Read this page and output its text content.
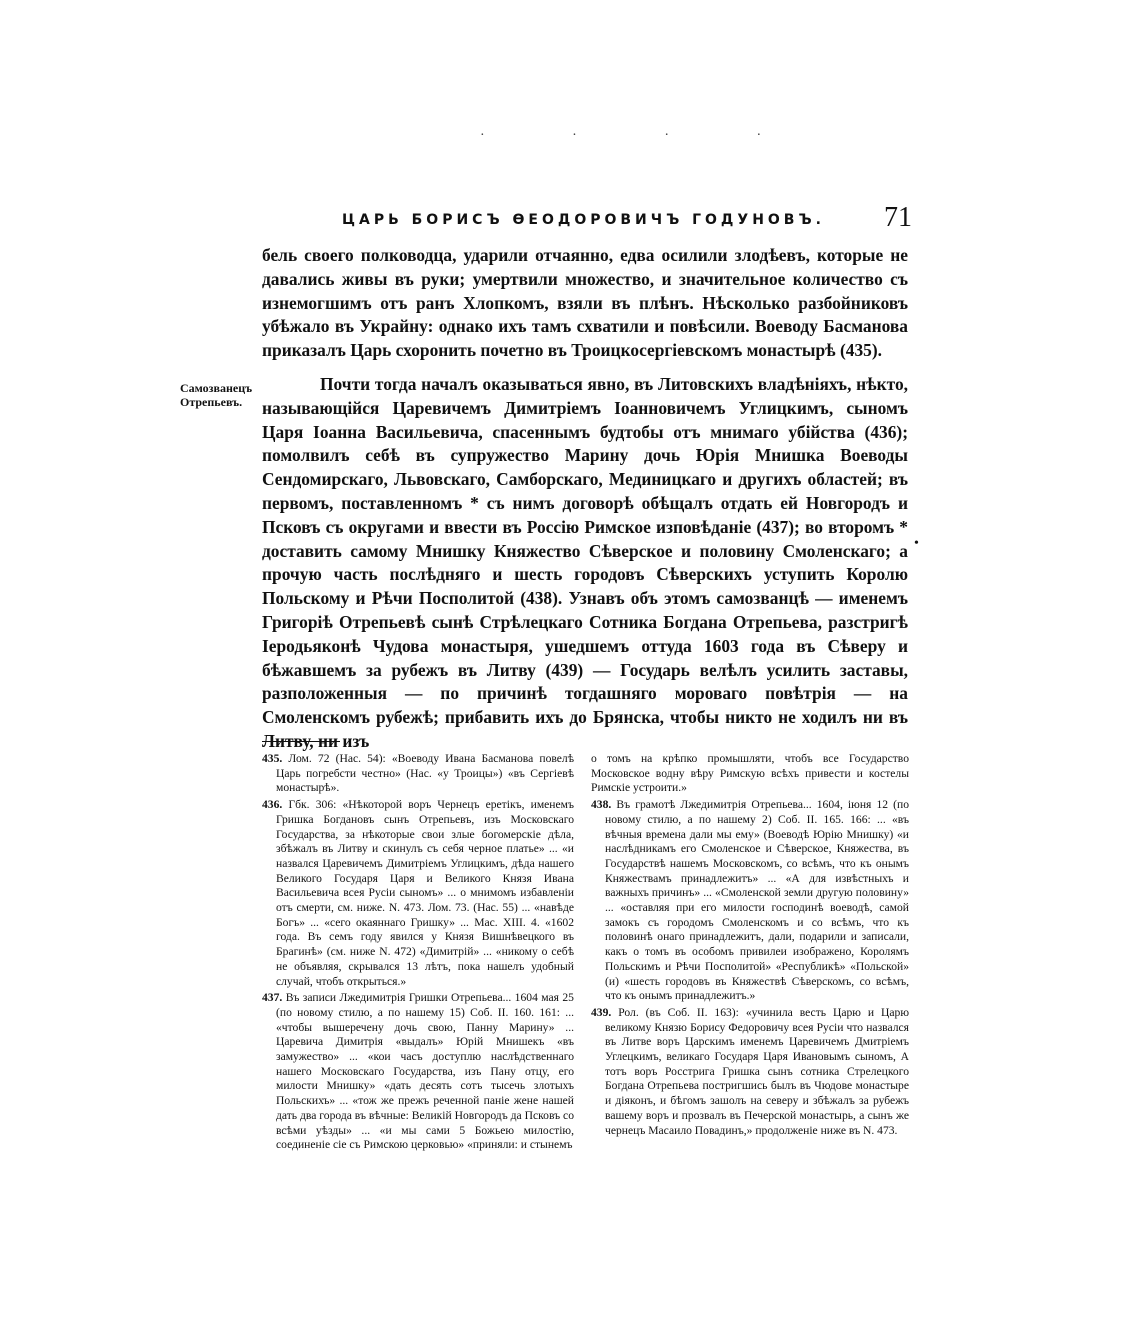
· · · ·
ЦАРЬ БОРИСЪ ѲЕОДОРОВИЧЪ ГОДУНОВЪ. 71
Самозванецъ
Отрепьевъ.

бель своего полководца, ударили отчаянно, едва осилили злодѣевъ, которые не давались живы въ руки; умертвили множество, и значительное количество съ изнемогшимъ отъ ранъ Хлопкомъ, взяли въ плѣнъ. Нѣсколько разбойниковъ убѣжало въ Украйну: однако ихъ тамъ схватили и повѣсили. Воеводу Басманова приказалъ Царь схоронить почетно въ Троицкосергіевскомъ монастырѣ (435).

Почти тогда началъ оказываться явно, въ Литовскихъ владѣніяхъ, нѣкто, называющійся Царевичемъ Димитріемъ Іоанновичемъ Углицкимъ, сыномъ Царя Іоанна Васильевича, спасеннымъ будтобы отъ мнимаго убійства (436); помолвилъ себѣ въ супружество Марину дочь Юрія Мнишка Воеводы Сендомирскаго, Львовскаго, Самборскаго, Мединицкаго и другихъ областей; въ первомъ, поставленномъ * съ нимъ договорѣ обѣщалъ отдать ей Новгородъ и Псковъ съ округами и ввести въ Россію Римское изповѣданіе (437); во второмъ * доставить самому Мнишку Княжество Сѣверское и половину Смоленскаго; а прочую часть послѣдняго и шесть городовъ Сѣверскихъ уступить Королю Польскому и Рѣчи Посполитой (438). Узнавъ объ этомъ самозванцѣ — именемъ Григоріѣ Отрепьевѣ сынѣ Стрѣлецкаго Сотника Богдана Отрепьева, разстригѣ Іеродьяконѣ Чудова монастыря, ушедшемъ оттуда 1603 года въ Сѣверу и бѣжавшемъ за рубежъ въ Литву (439) — Государь велѣлъ усилить заставы, разположенныя — по причинѣ тогдашняго мороваго повѣтрія — на Смоленскомъ рубежѣ; прибавить ихъ до Брянска, чтобы никто не ходилъ ни въ Литву, ни изъ

•

435. Лом. 72 (Нас. 54): «Воеводу Ивана Басманова повелѣ Царь погребсти честно» (Нас. «у Троицы») «въ Сергіевѣ монастырѣ».

436. Гбк. 306: «Нѣкоторой воръ Чернецъ еретікъ, именемъ Гришка Богдановъ сынъ Отрепьевъ, изъ Московскаго Государства, за нѣкоторые свои злые богомерскіе дѣла, збѣжалъ въ Литву и скинулъ съ себя черное платье» ... «и назвался Царевичемъ Димитріемъ Углицкимъ, дѣда нашего Великого Государя Царя и Великого Князя Ивана Васильевича всея Русіи сыномъ» ... о мнимомъ избавленіи отъ смерти, см. ниже. N. 473. Лом. 73. (Нас. 55) ... «навѣде Богъ» ... «сего окаяннаго Гришку» ... Мас. XIII. 4. «1602 года. Въ семъ году явился у Князя Вишнѣвецкого въ Брагинѣ» (см. ниже N. 472) «Димитрій» ... «никому о себѣ не объявляя, скрывался 13 лѣтъ, пока нашелъ удобный случай, чтобъ открыться.»

437. Въ записи Лжедимитрія Гришки Отрепьева... 1604 мая 25 (по новому стилю, а по нашему 15) Соб. II. 160. 161: ... «чтобы вышеречену дочь свою, Панну Марину» ... Царевича Димитрія «выдалъ» Юрій Мнишекъ «въ замужество» ... «кои часъ доступлю наслѣдственнаго нашего Московскаго Государства, изъ Пану отцу, его милости Мнишку» «дать десять сотъ тысечь злотыхъ Польскихъ» ... «тож же прежъ реченной паніе жене нашей дать два города въ вѣчные: Великій Новгородъ да Псковъ со всѣми уѣзды» ... «и мы сами 5 Божьею милостію, соединеніе сіе съ Римскою церковью» «приняли: и стынемъ

о томъ на крѣпко промышляти, чтобъ все Государство Московское водну вѣру Римскую всѣхъ привести и костелы Римскіе устроити.»

438. Въ грамотѣ Лжедимитрія Отрепьева... 1604, іюня 12 (по новому стилю, а по нашему 2) Соб. II. 165. 166: ... «въ вѣчныя времена дали мы ему» (Воеводѣ Юрію Мнишку) «и наслѣдникамъ его Смоленское и Сѣверское, Княжества, въ Государствѣ нашемъ Московскомъ, со всѣмъ, что къ онымъ Княжествамъ принадлежитъ» ... «А для извѣстныхъ и важныхъ причинъ» ... «Смоленской земли другую половину» ... «оставляя при его милости господинѣ воеводѣ, самой замокъ съ городомъ Смоленскомъ и со всѣмъ, что къ половинѣ онаго принадлежитъ, дали, подарили и записали, какъ о томъ въ особомъ привилеи изображено, Королямъ Польскимъ и Рѣчи Посполитой» «Республикѣ» «Польской» (и) «шесть городовъ въ Княжествѣ Сѣверскомъ, со всѣмъ, что къ онымъ принадлежитъ.»

439. Рол. (въ Соб. II. 163): «учинила весть Царю и Царю великому Князю Борису Федоровичу всея Русіи что назвался въ Литве воръ Царскимъ именемъ Царевичемъ Дмитріемъ Углецкимъ, великаго Государя Царя Ивановымъ сыномъ, А тотъ воръ Росстрига Гришка сынъ сотника Стрелецкого Богдана Отрепьева постригшись былъ въ Чюдове монастыре и діяконъ, и бѣгомъ зашолъ на северу и збѣжалъ за рубежъ вашему воръ и прозвалъ въ Печерской монастырь, а сынъ же чернецъ Масаило Повадинъ,» продолженіе ниже въ N. 473.
